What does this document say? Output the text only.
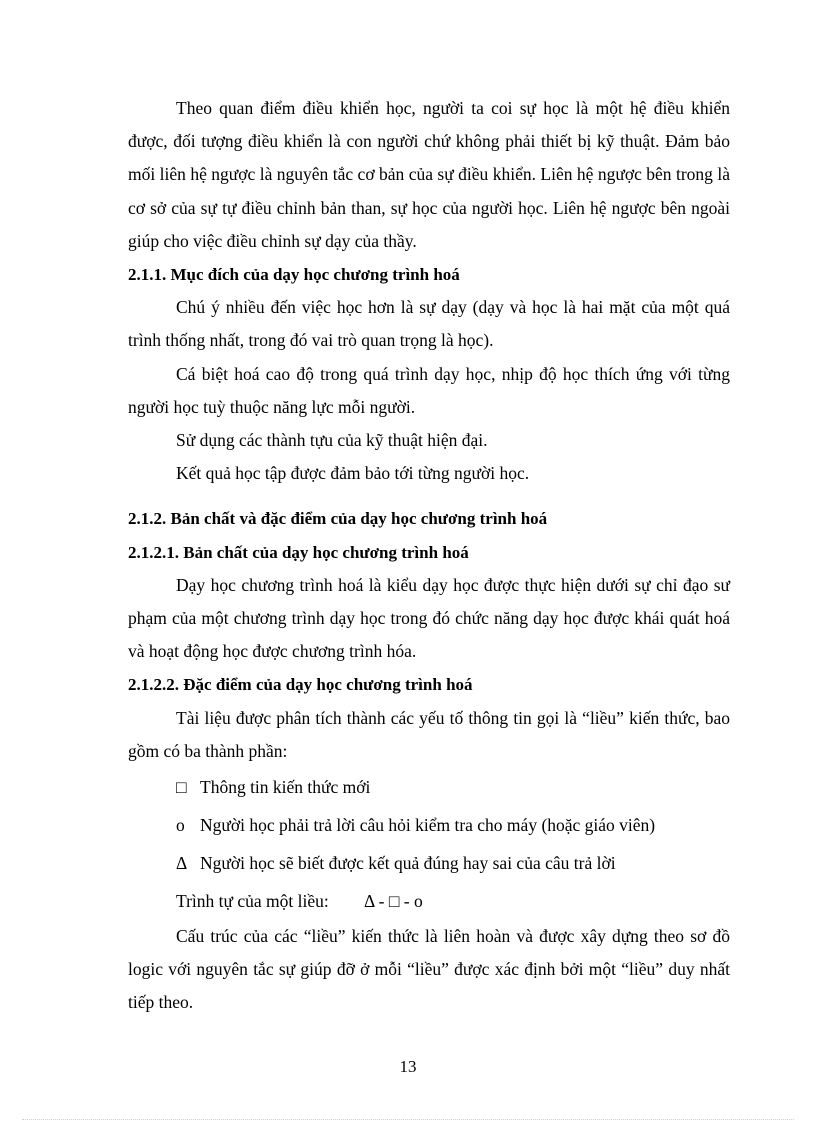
Theo quan điểm điều khiển học, người ta coi sự học là một hệ điều khiển được, đối tượng điều khiển là con người chứ không phải thiết bị kỹ thuật. Đảm bảo mối liên hệ ngược là nguyên tắc cơ bản của sự điều khiển. Liên hệ ngược bên trong là cơ sở của sự tự điều chỉnh bản than, sự học của người học. Liên hệ ngược bên ngoài giúp cho việc điều chỉnh sự dạy của thầy.

2.1.1. Mục đích của dạy học chương trình hoá

Chú ý nhiều đến việc học hơn là sự dạy (dạy và học là hai mặt của một quá trình thống nhất, trong đó vai trò quan trọng là học).

Cá biệt hoá cao độ trong quá trình dạy học, nhịp độ học thích ứng với từng người học tuỳ thuộc năng lực mỗi người.

Sử dụng các thành tựu của kỹ thuật hiện đại.

Kết quả học tập được đảm bảo tới từng người học.

2.1.2. Bản chất và đặc điểm của dạy học chương trình hoá

2.1.2.1. Bản chất của dạy học chương trình hoá

Dạy học chương trình hoá là kiểu dạy học được thực hiện dưới sự chỉ đạo sư phạm của một chương trình dạy học trong đó chức năng dạy học được khái quát hoá và hoạt động học được chương trình hóa.

2.1.2.2. Đặc điểm của dạy học chương trình hoá

Tài liệu được phân tích thành các yếu tố thông tin gọi là “liều” kiến thức, bao gồm có ba thành phần:

□ Thông tin kiến thức mới

o Người học phải trả lời câu hỏi kiểm tra cho máy (hoặc giáo viên)

Δ Người học sẽ biết được kết quả đúng hay sai của câu trả lời

Trình tự của một liều: Δ - □ - o

Cấu trúc của các “liều” kiến thức là liên hoàn và được xây dựng theo sơ đồ logic với nguyên tắc sự giúp đỡ ở mỗi “liều” được xác định bởi một “liều” duy nhất tiếp theo.

13
